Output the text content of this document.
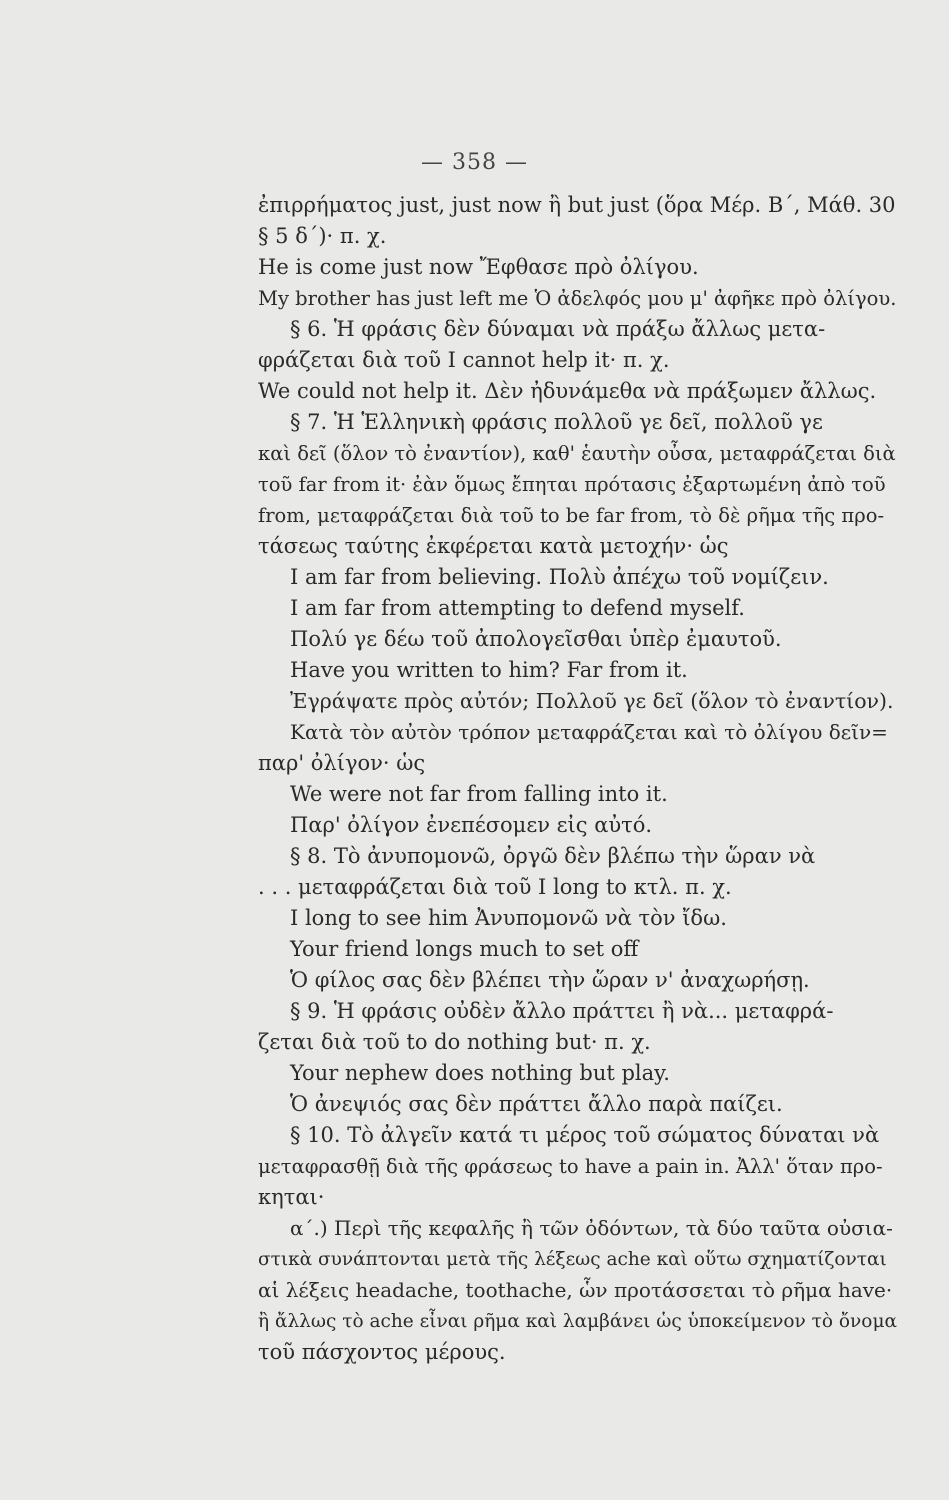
— 358 —
ἐπιρρήματος just, just now ἢ but just (ὅρα Μέρ. Β΄, Μάθ. 30
§ 5 δ΄)· π. χ.
He is come just now Ἔφθασε πρὸ ὀλίγου.
My brother has just left me Ὁ ἀδελφός μου μ' ἀφῆκε πρὸ ὀλίγου.
§ 6. Ἡ φράσις δὲν δύναμαι νὰ πράξω ἄλλως μετα-
φράζεται διὰ τοῦ I cannot help it· π. χ.
We could not help it. Δὲν ἠδυνάμεθα νὰ πράξωμεν ἄλλως.
§ 7. Ἡ Ἑλληνικὴ φράσις πολλοῦ γε δεῖ, πολλοῦ γε
καὶ δεῖ (ὅλον τὸ ἐναντίον), καθ' ἑαυτὴν οὖσα, μεταφράζεται διὰ
τοῦ far from it· ἐὰν ὅμως ἔπηται πρότασις ἐξαρτωμένη ἀπὸ τοῦ
from, μεταφράζεται διὰ τοῦ to be far from, τὸ δὲ ρῆμα τῆς προ-
τάσεως ταύτης ἐκφέρεται κατὰ μετοχήν· ὡς
I am far from believing. Πολὺ ἀπέχω τοῦ νομίζειν.
I am far from attempting to defend myself.
Πολύ γε δέω τοῦ ἀπολογεῖσθαι ὑπὲρ ἐμαυτοῦ.
Have you written to him? Far from it.
Ἐγράψατε πρὸς αὐτόν; Πολλοῦ γε δεῖ (ὅλον τὸ ἐναντίον).
Κατὰ τὸν αὐτὸν τρόπον μεταφράζεται καὶ τὸ ὀλίγου δεῖν=
παρ' ὀλίγον· ὡς
We were not far from falling into it.
Παρ' ὀλίγον ἐνεπέσομεν εἰς αὐτό.
§ 8. Τὸ ἀνυπομονῶ, ὀργῶ δὲν βλέπω τὴν ὥραν νὰ
. . . μεταφράζεται διὰ τοῦ I long to κτλ. π. χ.
I long to see him Ἀνυπομονῶ νὰ τὸν ἴδω.
Your friend longs much to set off
Ὁ φίλος σας δὲν βλέπει τὴν ὥραν ν' ἀναχωρήσῃ.
§ 9. Ἡ φράσις οὐδὲν ἄλλο πράττει ἢ νὰ... μεταφρά-
ζεται διὰ τοῦ to do nothing but· π. χ.
Your nephew does nothing but play.
Ὁ ἀνεψιός σας δὲν πράττει ἄλλο παρὰ παίζει.
§ 10. Τὸ ἀλγεῖν κατά τι μέρος τοῦ σώματος δύναται νὰ
μεταφρασθῇ διὰ τῆς φράσεως to have a pain in. Ἀλλ' ὅταν προ-
κηται·
α΄.) Περὶ τῆς κεφαλῆς ἢ τῶν ὀδόντων, τὰ δύο ταῦτα οὐσια-
στικὰ συνάπτονται μετὰ τῆς λέξεως ache καὶ οὕτω σχηματίζονται
αἱ λέξεις headache, toothache, ὧν προτάσσεται τὸ ρῆμα have·
ἢ ἄλλως τὸ ache εἶναι ρῆμα καὶ λαμβάνει ὡς ὑποκείμενον τὸ ὄνομα
τοῦ πάσχοντος μέρους.
